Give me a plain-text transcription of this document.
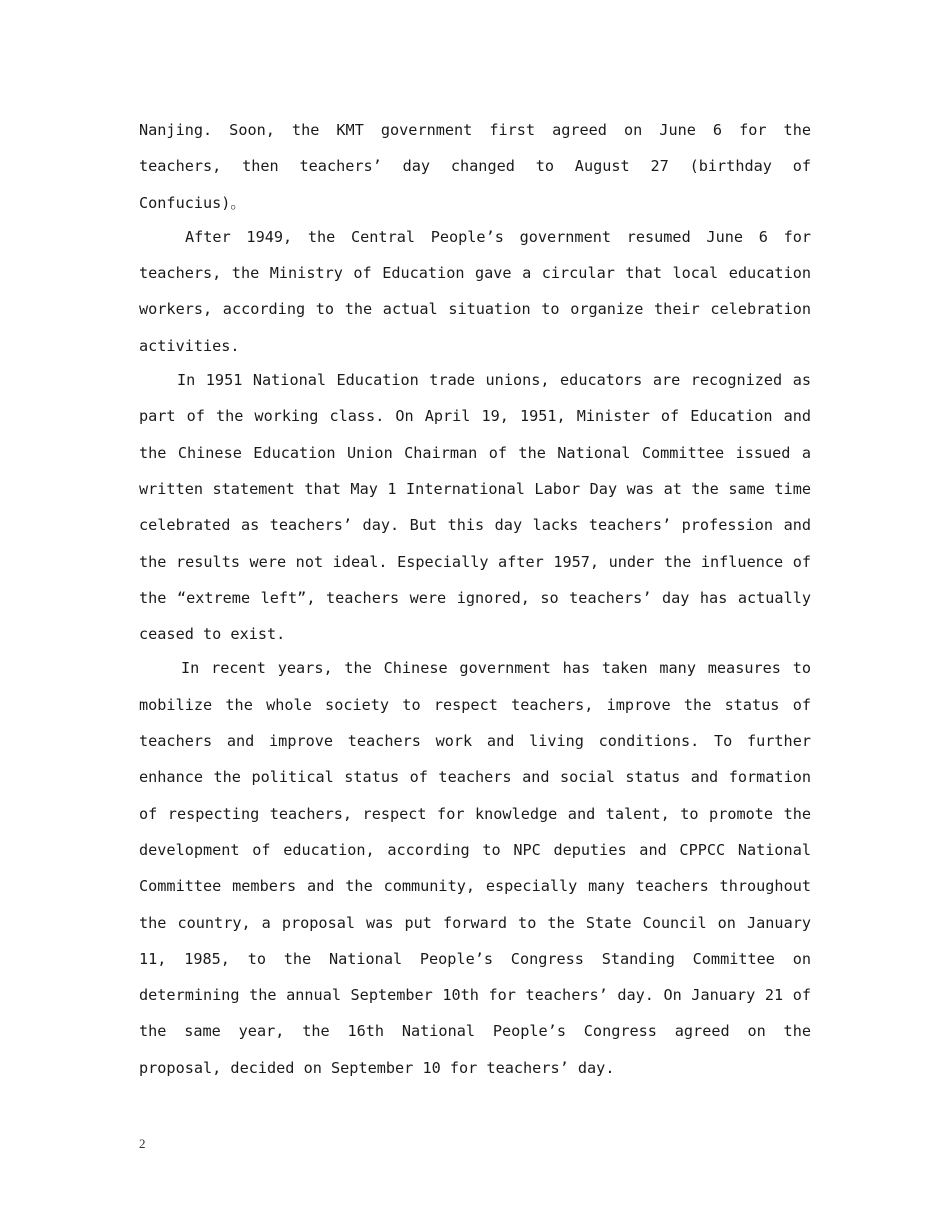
Nanjing. Soon, the KMT government first agreed on June 6 for the teachers, then teachers’ day changed to August 27 (birthday of Confucius)。

After 1949, the Central People’s government resumed June 6 for teachers, the Ministry of Education gave a circular that local education workers, according to the actual situation to organize their celebration activities.

In 1951 National Education trade unions, educators are recognized as part of the working class. On April 19, 1951, Minister of Education and the Chinese Education Union Chairman of the National Committee issued a written statement that May 1 International Labor Day was at the same time celebrated as teachers’ day. But this day lacks teachers’ profession and the results were not ideal. Especially after 1957, under the influence of the “extreme left”, teachers were ignored, so teachers’ day has actually ceased to exist.

In recent years, the Chinese government has taken many measures to mobilize the whole society to respect teachers, improve the status of teachers and improve teachers work and living conditions. To further enhance the political status of teachers and social status and formation of respecting teachers, respect for knowledge and talent, to promote the development of education, according to NPC deputies and CPPCC National Committee members and the community, especially many teachers throughout the country, a proposal was put forward to the State Council on January 11, 1985, to the National People’s Congress Standing Committee on determining the annual September 10th for teachers’ day. On January 21 of the same year, the 16th National People’s Congress agreed on the proposal, decided on September 10 for teachers’ day.

2
